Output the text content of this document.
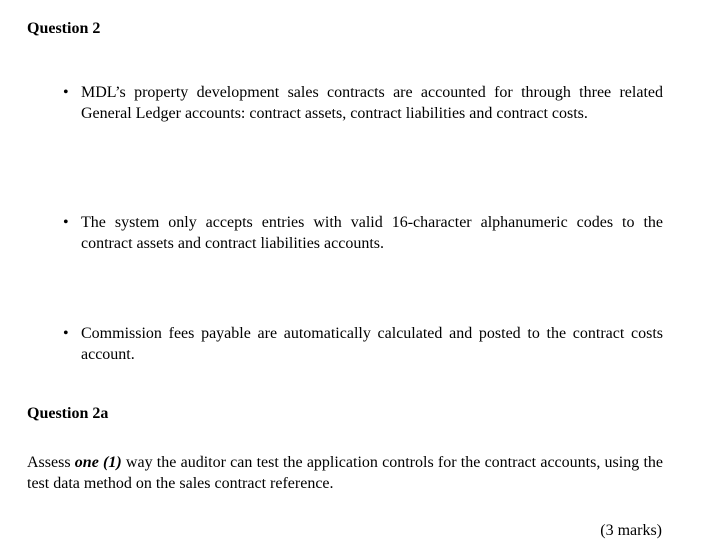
Question 2
• MDL’s property development sales contracts are accounted for through three related General Ledger accounts: contract assets, contract liabilities and contract costs.
• The system only accepts entries with valid 16-character alphanumeric codes to the contract assets and contract liabilities accounts.
• Commission fees payable are automatically calculated and posted to the contract costs account.
Question 2a

Assess one (1) way the auditor can test the application controls for the contract accounts, using the test data method on the sales contract reference.

(3 marks)
